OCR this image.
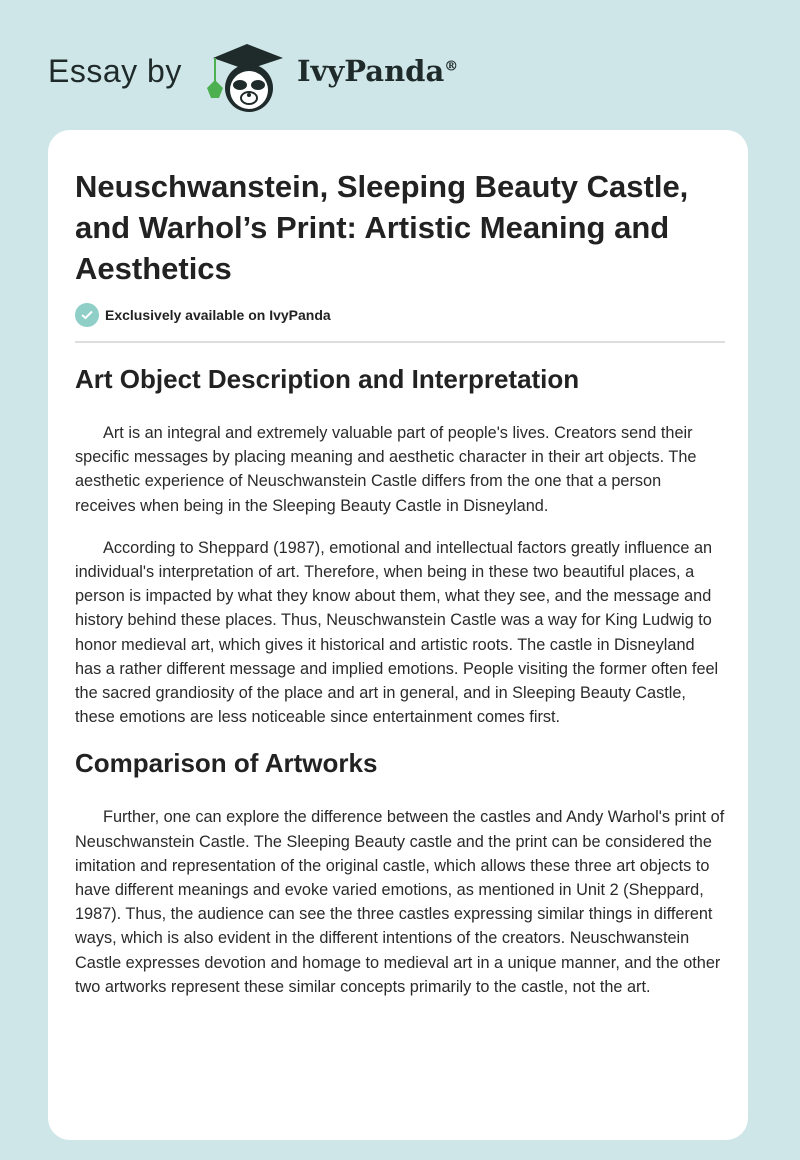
Essay by	IvyPanda®
Neuschwanstein, Sleeping Beauty Castle, and Warhol’s Print: Artistic Meaning and Aesthetics
Exclusively available on IvyPanda
Art Object Description and Interpretation

Art is an integral and extremely valuable part of people's lives. Creators send their specific messages by placing meaning and aesthetic character in their art objects. The aesthetic experience of Neuschwanstein Castle differs from the one that a person receives when being in the Sleeping Beauty Castle in Disneyland.

According to Sheppard (1987), emotional and intellectual factors greatly influence an individual's interpretation of art. Therefore, when being in these two beautiful places, a person is impacted by what they know about them, what they see, and the message and history behind these places. Thus, Neuschwanstein Castle was a way for King Ludwig to honor medieval art, which gives it historical and artistic roots. The castle in Disneyland has a rather different message and implied emotions. People visiting the former often feel the sacred grandiosity of the place and art in general, and in Sleeping Beauty Castle, these emotions are less noticeable since entertainment comes first.

Comparison of Artworks

Further, one can explore the difference between the castles and Andy Warhol's print of Neuschwanstein Castle. The Sleeping Beauty castle and the print can be considered the imitation and representation of the original castle, which allows these three art objects to have different meanings and evoke varied emotions, as mentioned in Unit 2 (Sheppard, 1987). Thus, the audience can see the three castles expressing similar things in different ways, which is also evident in the different intentions of the creators. Neuschwanstein Castle expresses devotion and homage to medieval art in a unique manner, and the other two artworks represent these similar concepts primarily to the castle, not the art.
